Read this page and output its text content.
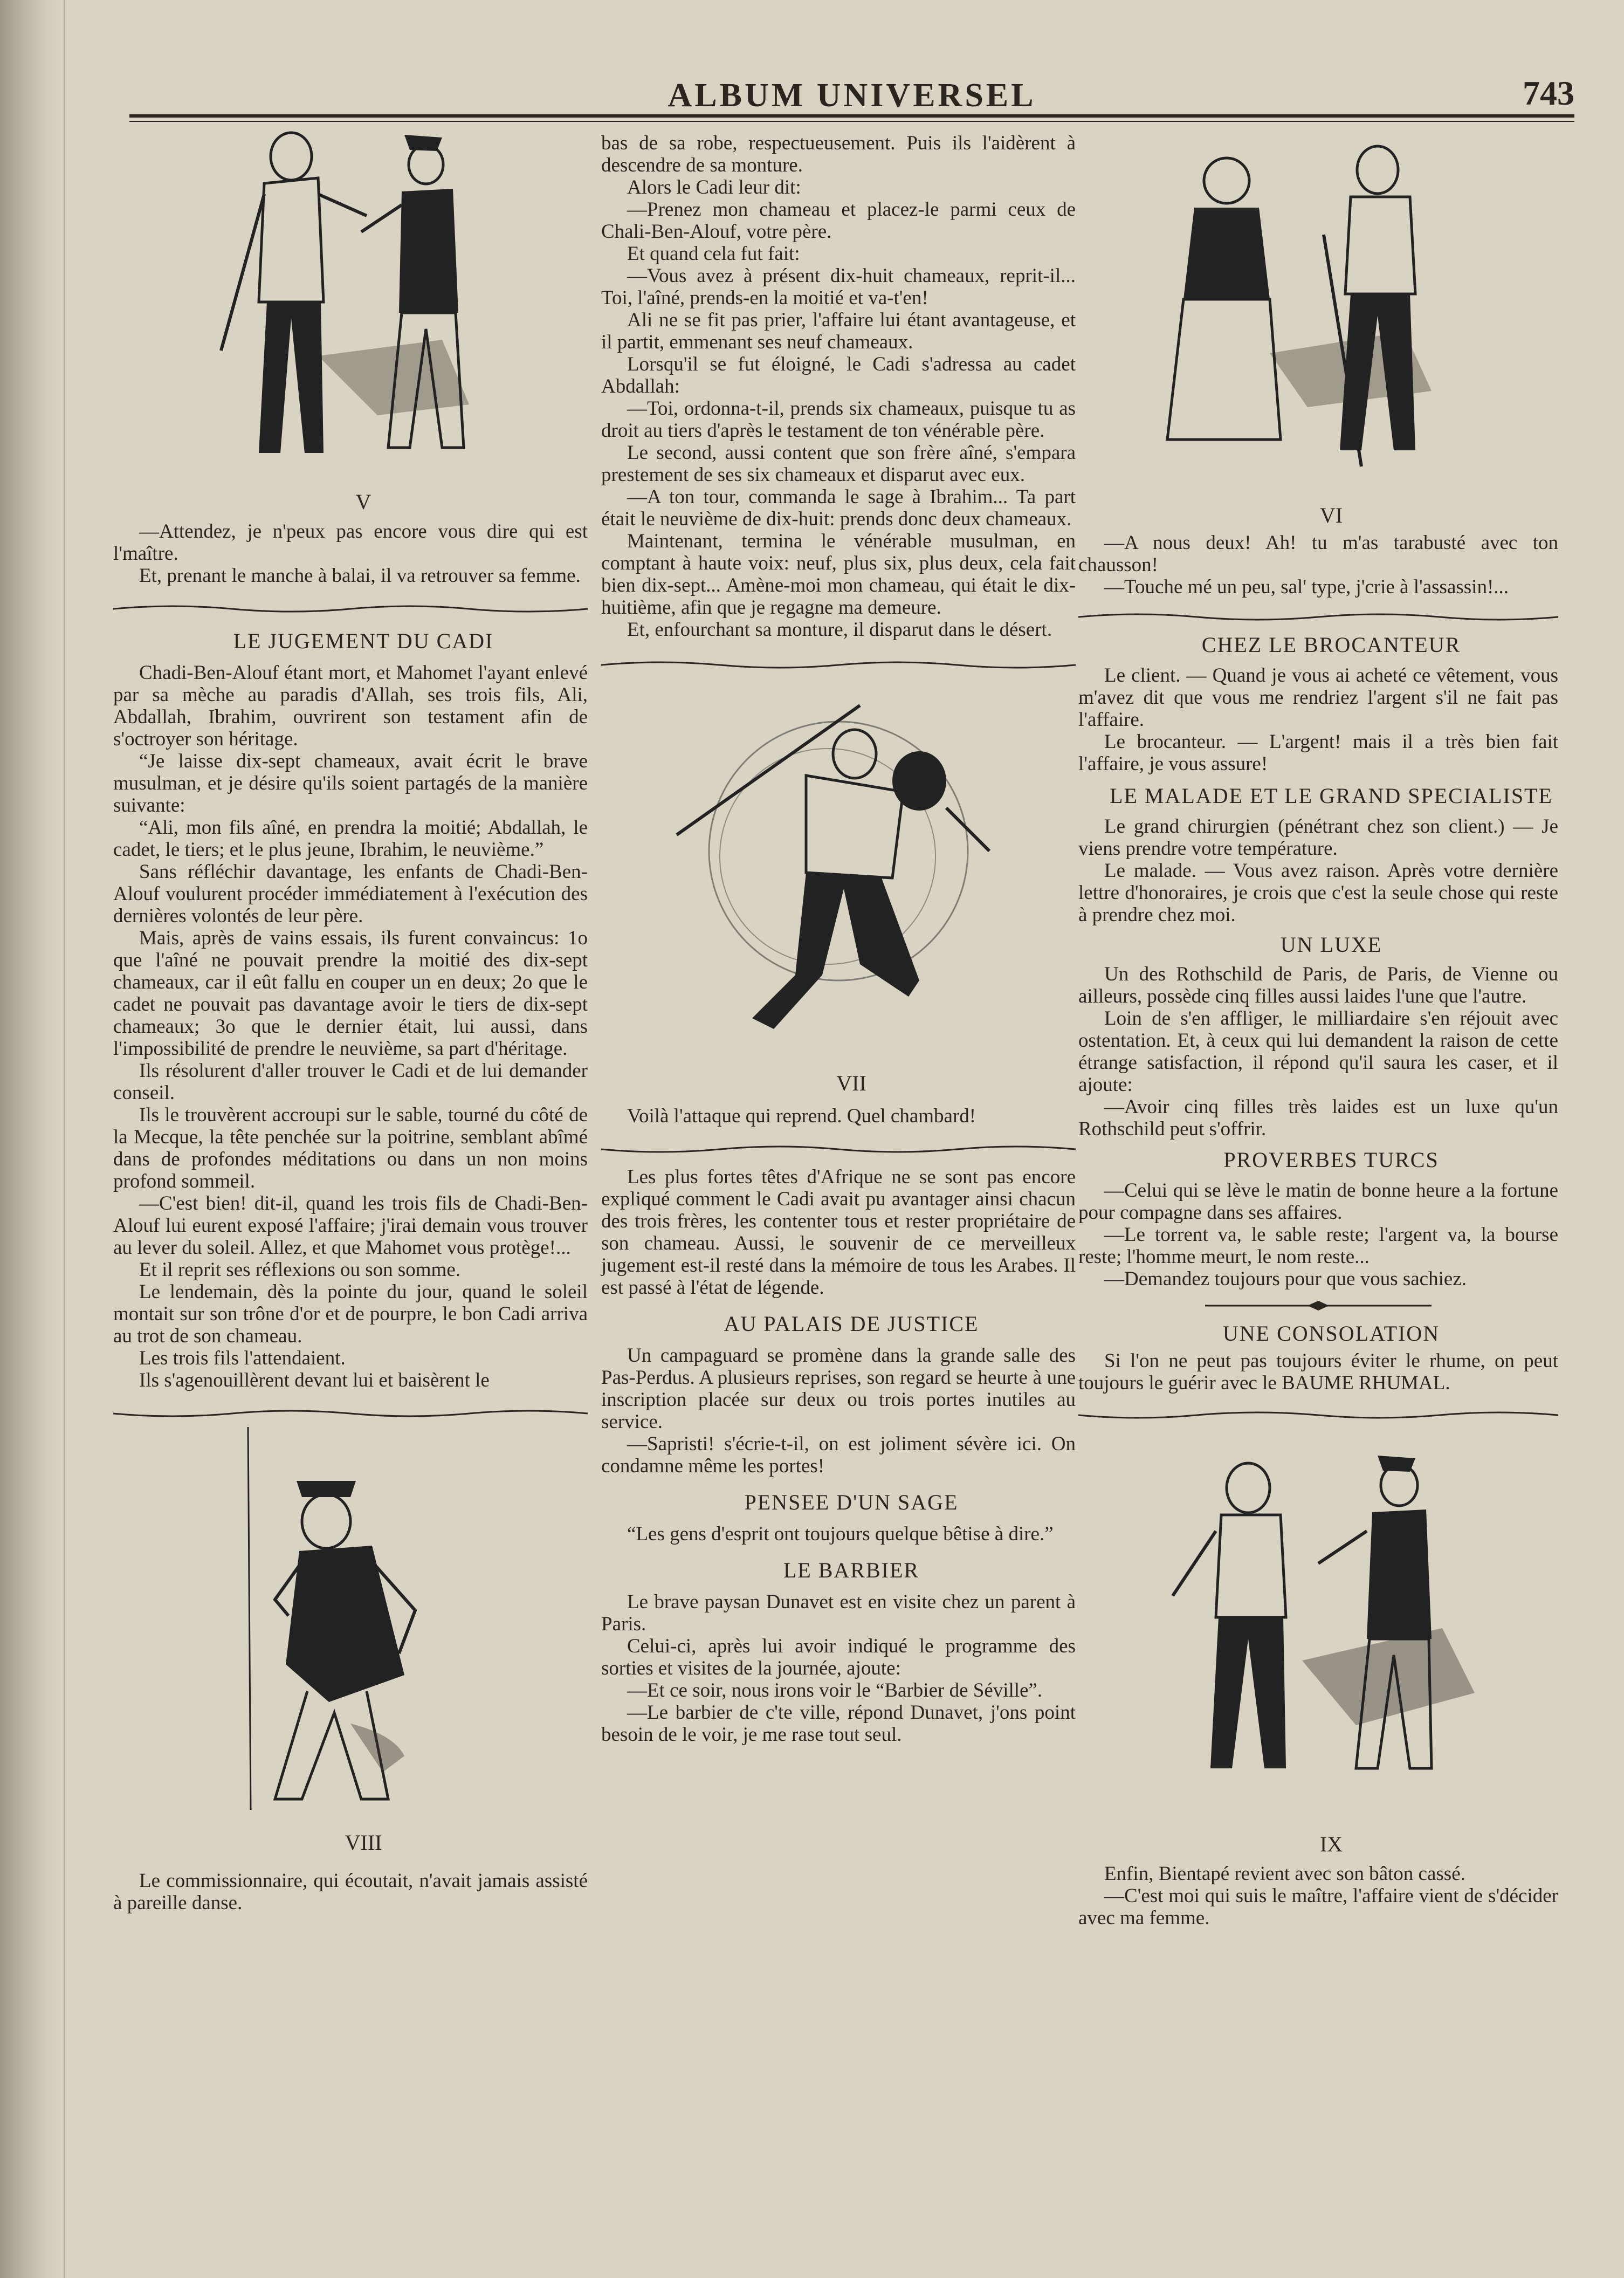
ALBUM UNIVERSEL	743

V

—Attendez, je n'peux pas encore vous dire qui est l'maître.

Et, prenant le manche à balai, il va retrouver sa femme.

LE JUGEMENT DU CADI

Chadi-Ben-Alouf étant mort, et Mahomet l'ayant enlevé par sa mèche au paradis d'Allah, ses trois fils, Ali, Abdallah, Ibrahim, ouvrirent son testament afin de s'octroyer son héritage.

“Je laisse dix-sept chameaux, avait écrit le brave musulman, et je désire qu'ils soient partagés de la manière suivante:

“Ali, mon fils aîné, en prendra la moitié; Abdallah, le cadet, le tiers; et le plus jeune, Ibrahim, le neuvième.”

Sans réfléchir davantage, les enfants de Chadi-Ben-Alouf voulurent procéder immédiatement à l'exécution des dernières volontés de leur père.

Mais, après de vains essais, ils furent convaincus: 1o que l'aîné ne pouvait prendre la moitié des dix-sept chameaux, car il eût fallu en couper un en deux; 2o que le cadet ne pouvait pas davantage avoir le tiers de dix-sept chameaux; 3o que le dernier était, lui aussi, dans l'impossibilité de prendre le neuvième, sa part d'héritage.

Ils résolurent d'aller trouver le Cadi et de lui demander conseil.

Ils le trouvèrent accroupi sur le sable, tourné du côté de la Mecque, la tête penchée sur la poitrine, semblant abîmé dans de profondes méditations ou dans un non moins profond sommeil.

—C'est bien! dit-il, quand les trois fils de Chadi-Ben-Alouf lui eurent exposé l'affaire; j'irai demain vous trouver au lever du soleil. Allez, et que Mahomet vous protège!...

Et il reprit ses réflexions ou son somme.

Le lendemain, dès la pointe du jour, quand le soleil montait sur son trône d'or et de pourpre, le bon Cadi arriva au trot de son chameau.

Les trois fils l'attendaient.

Ils s'agenouillèrent devant lui et baisèrent le

VIII

Le commissionnaire, qui écoutait, n'avait jamais assisté à pareille danse.

bas de sa robe, respectueusement. Puis ils l'aidèrent à descendre de sa monture.

Alors le Cadi leur dit:

—Prenez mon chameau et placez-le parmi ceux de Chali-Ben-Alouf, votre père.

Et quand cela fut fait:

—Vous avez à présent dix-huit chameaux, reprit-il... Toi, l'aîné, prends-en la moitié et va-t'en!

Ali ne se fit pas prier, l'affaire lui étant avantageuse, et il partit, emmenant ses neuf chameaux.

Lorsqu'il se fut éloigné, le Cadi s'adressa au cadet Abdallah:

—Toi, ordonna-t-il, prends six chameaux, puisque tu as droit au tiers d'après le testament de ton vénérable père.

Le second, aussi content que son frère aîné, s'empara prestement de ses six chameaux et disparut avec eux.

—A ton tour, commanda le sage à Ibrahim... Ta part était le neuvième de dix-huit: prends donc deux chameaux.

Maintenant, termina le vénérable musulman, en comptant à haute voix: neuf, plus six, plus deux, cela fait bien dix-sept... Amène-moi mon chameau, qui était le dix-huitième, afin que je regagne ma demeure.

Et, enfourchant sa monture, il disparut dans le désert.

VII

Voilà l'attaque qui reprend. Quel chambard!

Les plus fortes têtes d'Afrique ne se sont pas encore expliqué comment le Cadi avait pu avantager ainsi chacun des trois frères, les contenter tous et rester propriétaire de son chameau. Aussi, le souvenir de ce merveilleux jugement est-il resté dans la mémoire de tous les Arabes. Il est passé à l'état de légende.

AU PALAIS DE JUSTICE

Un campaguard se promène dans la grande salle des Pas-Perdus. A plusieurs reprises, son regard se heurte à une inscription placée sur deux ou trois portes inutiles au service.

—Sapristi! s'écrie-t-il, on est joliment sévère ici. On condamne même les portes!

PENSEE D'UN SAGE

“Les gens d'esprit ont toujours quelque bêtise à dire.”

LE BARBIER

Le brave paysan Dunavet est en visite chez un parent à Paris.

Celui-ci, après lui avoir indiqué le programme des sorties et visites de la journée, ajoute:

—Et ce soir, nous irons voir le “Barbier de Séville”.

—Le barbier de c'te ville, répond Dunavet, j'ons point besoin de le voir, je me rase tout seul.

VI

—A nous deux! Ah! tu m'as tarabusté avec ton chausson!

—Touche mé un peu, sal' type, j'crie à l'assassin!...

CHEZ LE BROCANTEUR

Le client. — Quand je vous ai acheté ce vêtement, vous m'avez dit que vous me rendriez l'argent s'il ne fait pas l'affaire.

Le brocanteur. — L'argent! mais il a très bien fait l'affaire, je vous assure!

LE MALADE ET LE GRAND SPECIALISTE

Le grand chirurgien (pénétrant chez son client.) — Je viens prendre votre température.

Le malade. — Vous avez raison. Après votre dernière lettre d'honoraires, je crois que c'est la seule chose qui reste à prendre chez moi.

UN LUXE

Un des Rothschild de Paris, de Paris, de Vienne ou ailleurs, possède cinq filles aussi laides l'une que l'autre.

Loin de s'en affliger, le milliardaire s'en réjouit avec ostentation. Et, à ceux qui lui demandent la raison de cette étrange satisfaction, il répond qu'il saura les caser, et il ajoute:

—Avoir cinq filles très laides est un luxe qu'un Rothschild peut s'offrir.

PROVERBES TURCS

—Celui qui se lève le matin de bonne heure a la fortune pour compagne dans ses affaires.

—Le torrent va, le sable reste; l'argent va, la bourse reste; l'homme meurt, le nom reste...

—Demandez toujours pour que vous sachiez.

UNE CONSOLATION

Si l'on ne peut pas toujours éviter le rhume, on peut toujours le guérir avec le BAUME RHUMAL.

IX

Enfin, Bientapé revient avec son bâton cassé.

—C'est moi qui suis le maître, l'affaire vient de s'décider avec ma femme.
